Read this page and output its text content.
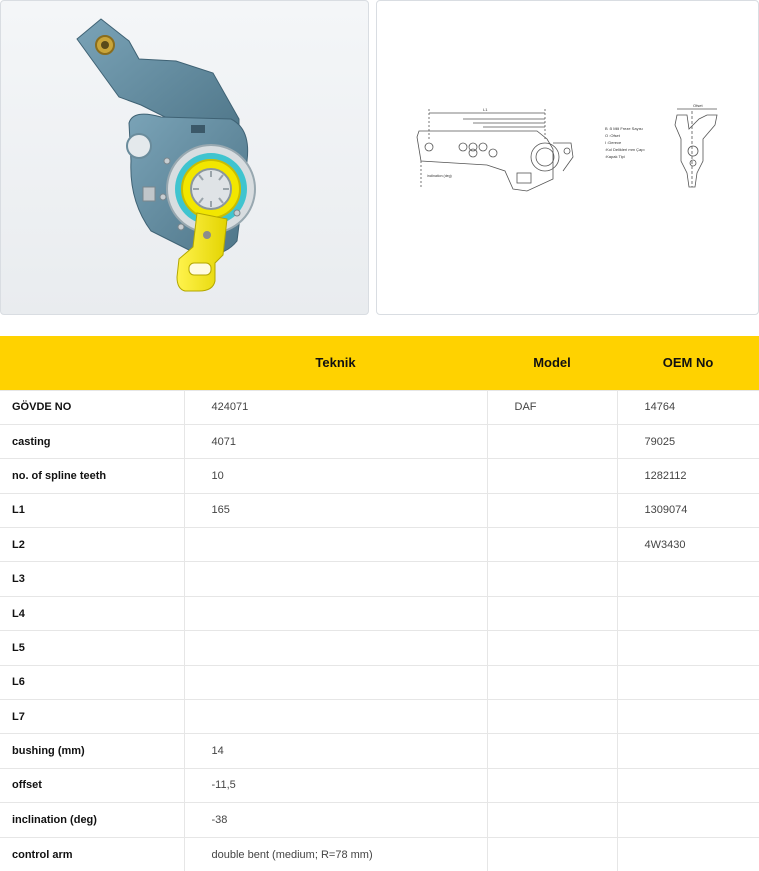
B :5 Mili Freze Sayısı
O :Ofset
I :Derece
:Kol Delikleri mm Çapı
:Kapak Tipi
L1
inclination (deg)
Ofset
	Teknik	Model	OEM No
GÖVDE NO	424071	DAF	14764
casting	4071		79025
no. of spline teeth	10		1282112
L1	165		1309074
L2			4W3430
L3			
L4			
L5			
L6			
L7			
bushing (mm)	14		
offset	-11,5		
inclination (deg)	-38		
control arm	double bent (medium; R=78 mm)		
